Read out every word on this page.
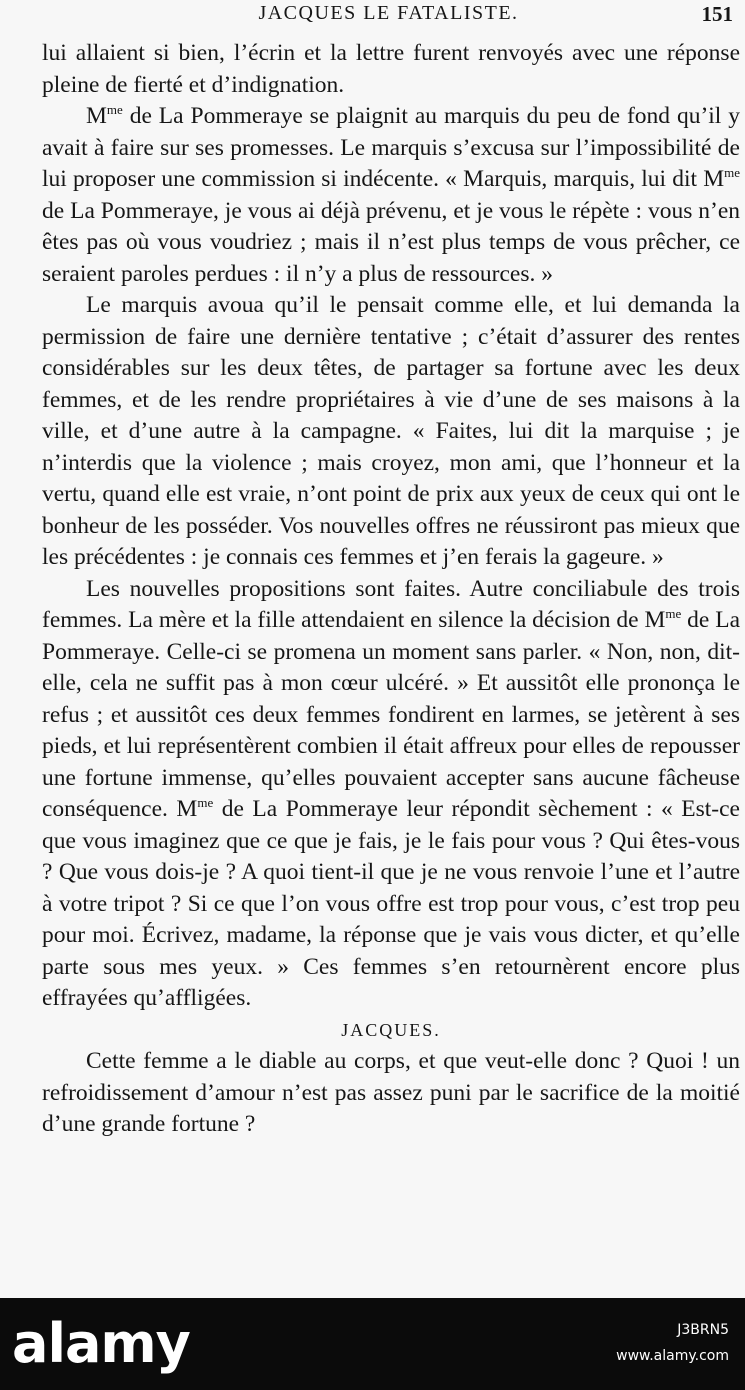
JACQUES LE FATALISTE.	151

lui allaient si bien, l’écrin et la lettre furent renvoyés avec une réponse pleine de fierté et d’indignation.

$M^{me}$ de La Pommeraye se plaignit au marquis du peu de fond qu’il y avait à faire sur ses promesses. Le marquis s’excusa sur l’impossibilité de lui proposer une commission si indécente. « Marquis, marquis, lui dit $M^{me}$ de La Pommeraye, je vous ai déjà prévenu, et je vous le répète : vous n’en êtes pas où vous voudriez ; mais il n’est plus temps de vous prêcher, ce seraient paroles perdues : il n’y a plus de ressources. »

Le marquis avoua qu’il le pensait comme elle, et lui demanda la permission de faire une dernière tentative ; c’était d’assurer des rentes considérables sur les deux têtes, de partager sa fortune avec les deux femmes, et de les rendre propriétaires à vie d’une de ses maisons à la ville, et d’une autre à la campagne. « Faites, lui dit la marquise ; je n’interdis que la violence ; mais croyez, mon ami, que l’honneur et la vertu, quand elle est vraie, n’ont point de prix aux yeux de ceux qui ont le bonheur de les posséder. Vos nouvelles offres ne réussiront pas mieux que les précédentes : je connais ces femmes et j’en ferais la gageure. »

Les nouvelles propositions sont faites. Autre conciliabule des trois femmes. La mère et la fille attendaient en silence la décision de $M^{me}$ de La Pommeraye. Celle-ci se promena un moment sans parler. « Non, non, dit-elle, cela ne suffit pas à mon cœur ulcéré. » Et aussitôt elle prononça le refus ; et aussitôt ces deux femmes fondirent en larmes, se jetèrent à ses pieds, et lui représentèrent combien il était affreux pour elles de repousser une fortune immense, qu’elles pouvaient accepter sans aucune fâcheuse conséquence. $M^{me}$ de La Pommeraye leur répondit sèchement : « Est-ce que vous imaginez que ce que je fais, je le fais pour vous ? Qui êtes-vous ? Que vous dois-je ? A quoi tient-il que je ne vous renvoie l’une et l’autre à votre tripot ? Si ce que l’on vous offre est trop pour vous, c’est trop peu pour moi. Écrivez, madame, la réponse que je vais vous dicter, et qu’elle parte sous mes yeux. » Ces femmes s’en retournèrent encore plus effrayées qu’affligées.

JACQUES.

Cette femme a le diable au corps, et que veut-elle donc ? Quoi ! un refroidissement d’amour n’est pas assez puni par le sacrifice de la moitié d’une grande fortune ?

alamy	J3BRN5
www.alamy.com
